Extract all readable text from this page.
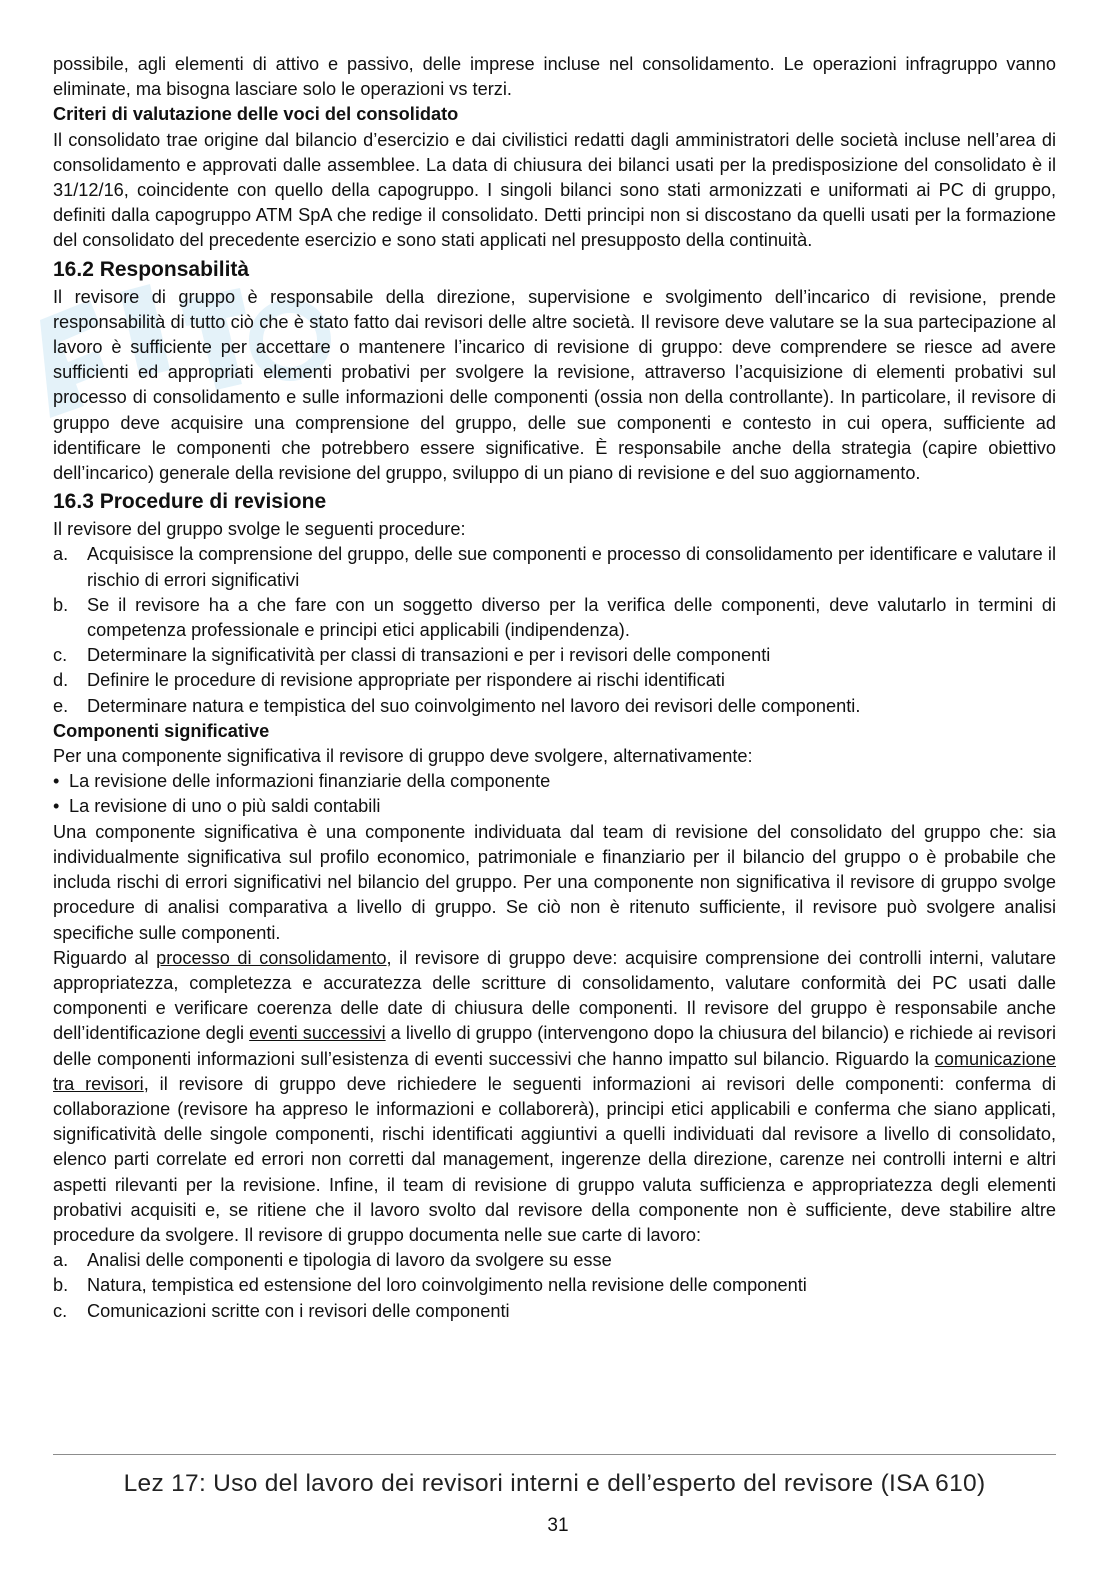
possibile, agli elementi di attivo e passivo, delle imprese incluse nel consolidamento. Le operazioni infragruppo vanno eliminate, ma bisogna lasciare solo le operazioni vs terzi.

Criteri di valutazione delle voci del consolidato

Il consolidato trae origine dal bilancio d’esercizio e dai civilistici redatti dagli amministratori delle società incluse nell’area di consolidamento e approvati dalle assemblee. La data di chiusura dei bilanci usati per la predisposizione del consolidato è il 31/12/16, coincidente con quello della capogruppo. I singoli bilanci sono stati armonizzati e uniformati ai PC di gruppo, definiti dalla capogruppo ATM SpA che redige il consolidato. Detti principi non si discostano da quelli usati per la formazione del consolidato del precedente esercizio e sono stati applicati nel presupposto della continuità.

16.2 Responsabilità

Il revisore di gruppo è responsabile della direzione, supervisione e svolgimento dell’incarico di revisione, prende responsabilità di tutto ciò che è stato fatto dai revisori delle altre società. Il revisore deve valutare se la sua partecipazione al lavoro è sufficiente per accettare o mantenere l’incarico di revisione di gruppo: deve comprendere se riesce ad avere sufficienti ed appropriati elementi probativi per svolgere la revisione, attraverso l’acquisizione di elementi probativi sul processo di consolidamento e sulle informazioni delle componenti (ossia non della controllante). In particolare, il revisore di gruppo deve acquisire una comprensione del gruppo, delle sue componenti e contesto in cui opera, sufficiente ad identificare le componenti che potrebbero essere significative. È responsabile anche della strategia (capire obiettivo dell’incarico) generale della revisione del gruppo, sviluppo di un piano di revisione e del suo aggiornamento.

16.3 Procedure di revisione

Il revisore del gruppo svolge le seguenti procedure:

a. Acquisisce la comprensione del gruppo, delle sue componenti e processo di consolidamento per identificare e valutare il rischio di errori significativi
b. Se il revisore ha a che fare con un soggetto diverso per la verifica delle componenti, deve valutarlo in termini di competenza professionale e principi etici applicabili (indipendenza).
c. Determinare la significatività per classi di transazioni e per i revisori delle componenti
d. Definire le procedure di revisione appropriate per rispondere ai rischi identificati
e. Determinare natura e tempistica del suo coinvolgimento nel lavoro dei revisori delle componenti.
Componenti significative

Per una componente significativa il revisore di gruppo deve svolgere, alternativamente:

• La revisione delle informazioni finanziarie della componente
• La revisione di uno o più saldi contabili

Una componente significativa è una componente individuata dal team di revisione del consolidato del gruppo che: sia individualmente significativa sul profilo economico, patrimoniale e finanziario per il bilancio del gruppo o è probabile che includa rischi di errori significativi nel bilancio del gruppo. Per una componente non significativa il revisore di gruppo svolge procedure di analisi comparativa a livello di gruppo. Se ciò non è ritenuto sufficiente, il revisore può svolgere analisi specifiche sulle componenti.

Riguardo al processo di consolidamento, il revisore di gruppo deve: acquisire comprensione dei controlli interni, valutare appropriatezza, completezza e accuratezza delle scritture di consolidamento, valutare conformità dei PC usati dalle componenti e verificare coerenza delle date di chiusura delle componenti. Il revisore del gruppo è responsabile anche dell’identificazione degli eventi successivi a livello di gruppo (intervengono dopo la chiusura del bilancio) e richiede ai revisori delle componenti informazioni sull’esistenza di eventi successivi che hanno impatto sul bilancio. Riguardo la comunicazione tra revisori, il revisore di gruppo deve richiedere le seguenti informazioni ai revisori delle componenti: conferma di collaborazione (revisore ha appreso le informazioni e collaborerà), principi etici applicabili e conferma che siano applicati, significatività delle singole componenti, rischi identificati aggiuntivi a quelli individuati dal revisore a livello di consolidato, elenco parti correlate ed errori non corretti dal management, ingerenze della direzione, carenze nei controlli interni e altri aspetti rilevanti per la revisione. Infine, il team di revisione di gruppo valuta sufficienza e appropriatezza degli elementi probativi acquisiti e, se ritiene che il lavoro svolto dal revisore della componente non è sufficiente, deve stabilire altre procedure da svolgere. Il revisore di gruppo documenta nelle sue carte di lavoro:

a. Analisi delle componenti e tipologia di lavoro da svolgere su esse
b. Natura, tempistica ed estensione del loro coinvolgimento nella revisione delle componenti
c. Comunicazioni scritte con i revisori delle componenti
Lez 17: Uso del lavoro dei revisori interni e dell’esperto del revisore (ISA 610)
31
